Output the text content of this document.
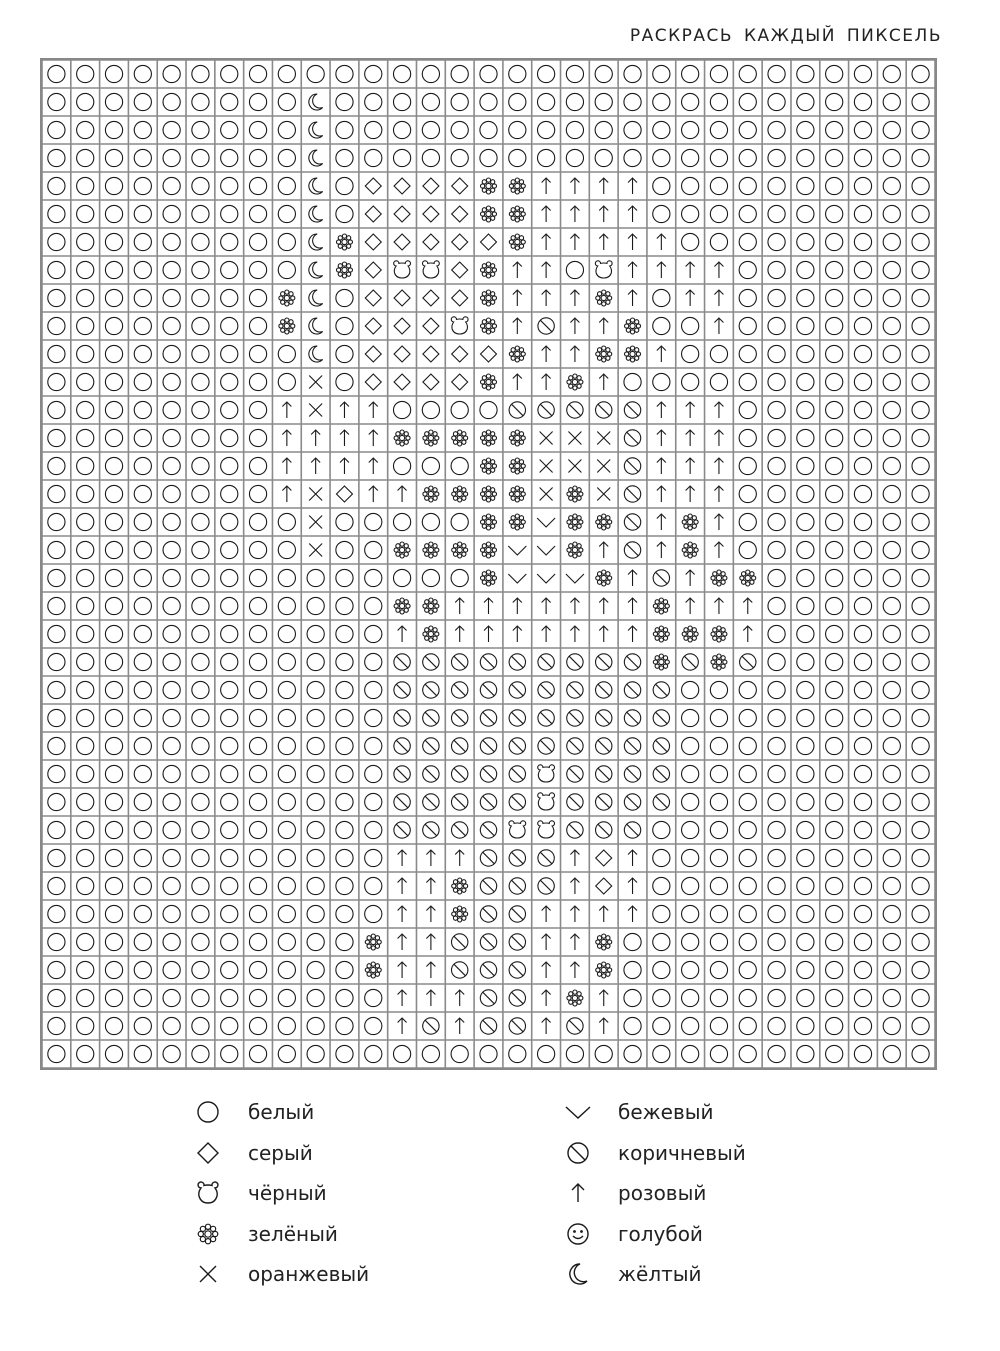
РАСКРАСЬ КАЖДЫЙ ПИКСЕЛЬ
белый
серый
чёрный
зелёный
оранжевый
бежевый
коричневый
розовый
голубой
жёлтый
